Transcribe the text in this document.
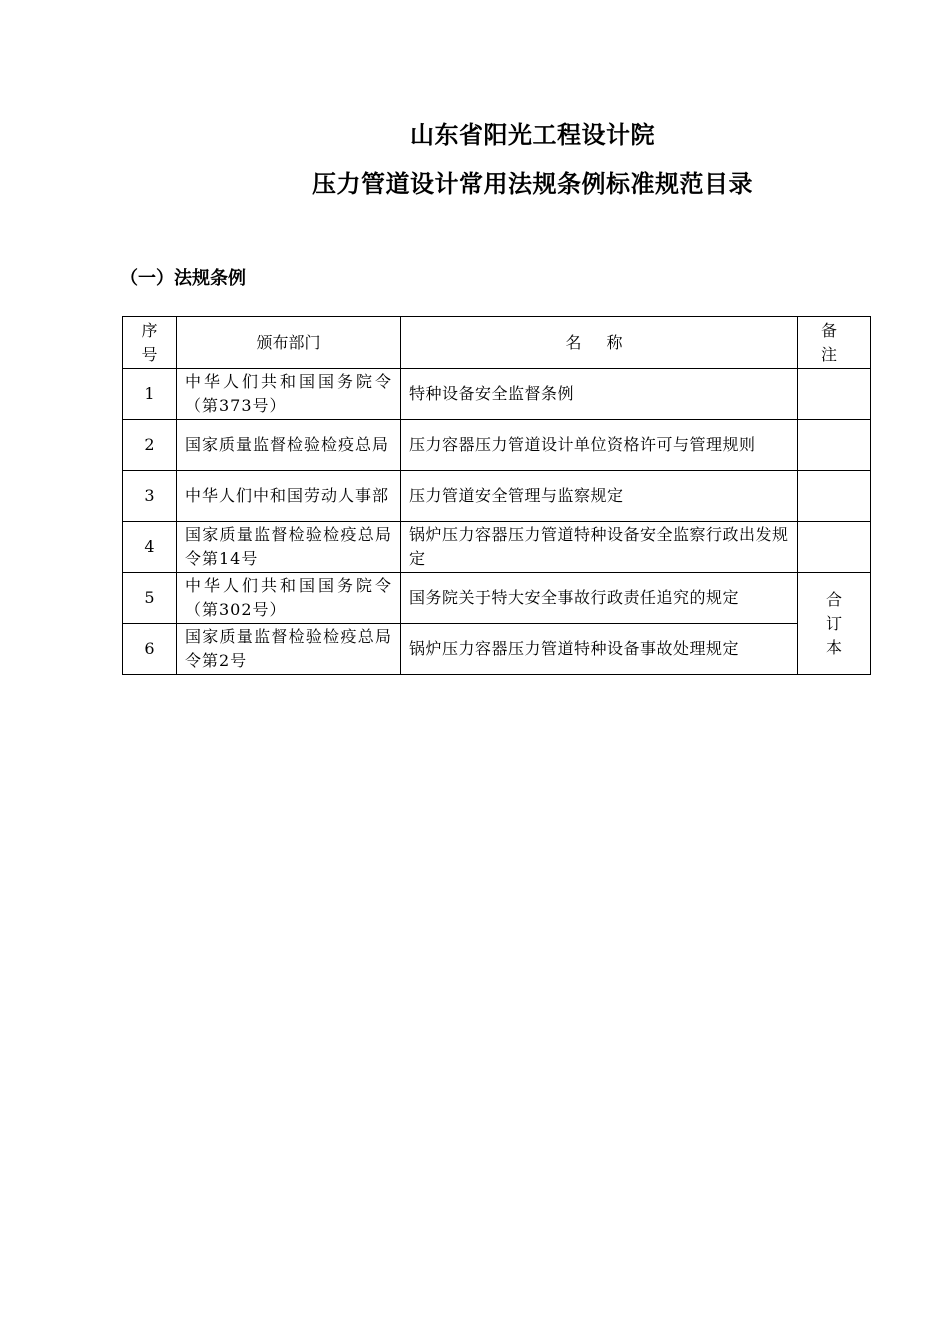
山东省阳光工程设计院
压力管道设计常用法规条例标准规范目录
（一）法规条例
序号	颁布部门	名 称	备 注
1	中华人们共和国国务院令（第373号）	特种设备安全监督条例	
2	国家质量监督检验检疫总局	压力容器压力管道设计单位资格许可与管理规则	
3	中华人们中和国劳动人事部	压力管道安全管理与监察规定	
4	国家质量监督检验检疫总局令第14号	锅炉压力容器压力管道特种设备安全监察行政出发规定	
5	中华人们共和国国务院令（第302号）	国务院关于特大安全事故行政责任追究的规定	合订本
6	国家质量监督检验检疫总局令第2号	锅炉压力容器压力管道特种设备事故处理规定	
